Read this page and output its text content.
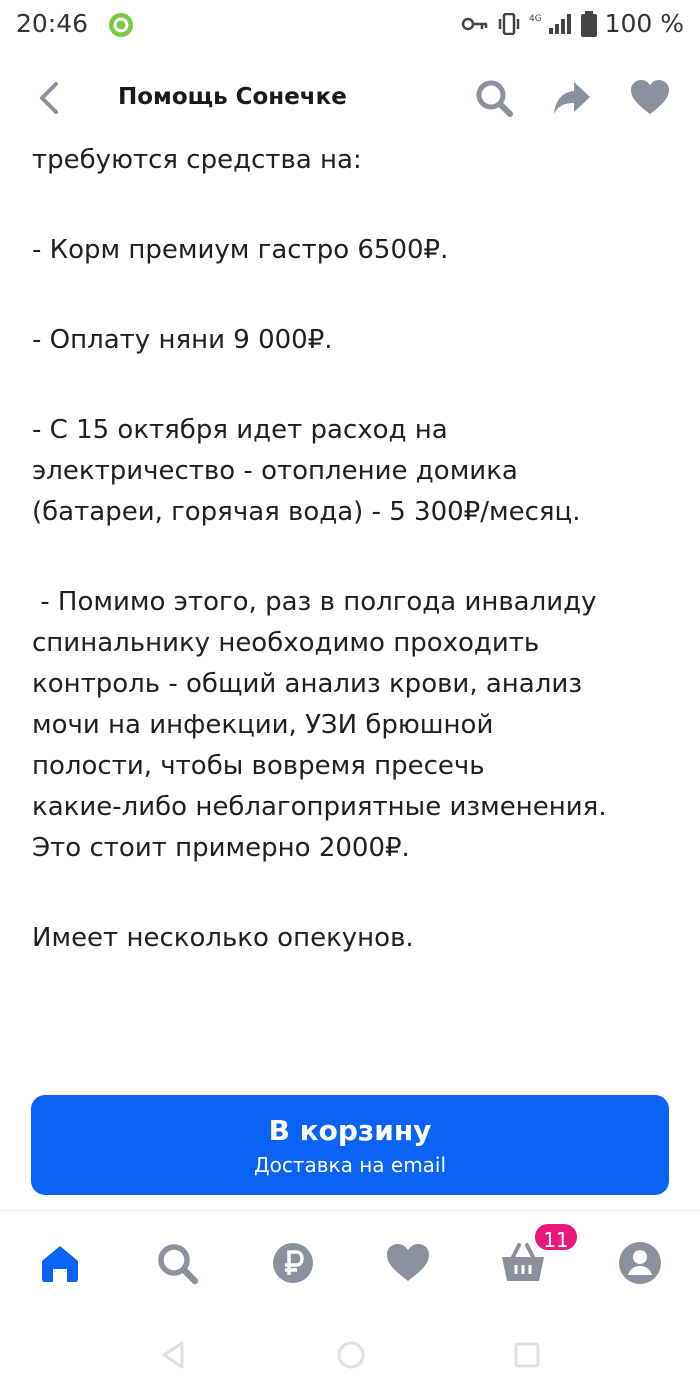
20:46	4G	100 %
Помощь Сонечке

требуются средства на:

- Корм премиум гастро 6500₽.

- Оплату няни 9 000₽.

- С 15 октября идет расход на
электричество - отопление домика
(батареи, горячая вода) - 5 300₽/месяц.

- Помимо этого, раз в полгода инвалиду
спинальнику необходимо проходить
контроль - общий анализ крови, анализ
мочи на инфекции, УЗИ брюшной
полости, чтобы вовремя пресечь
какие-либо неблагоприятные изменения.
Это стоит примерно 2000₽.

Имеет несколько опекунов.

В корзину
Доставка на email
11
